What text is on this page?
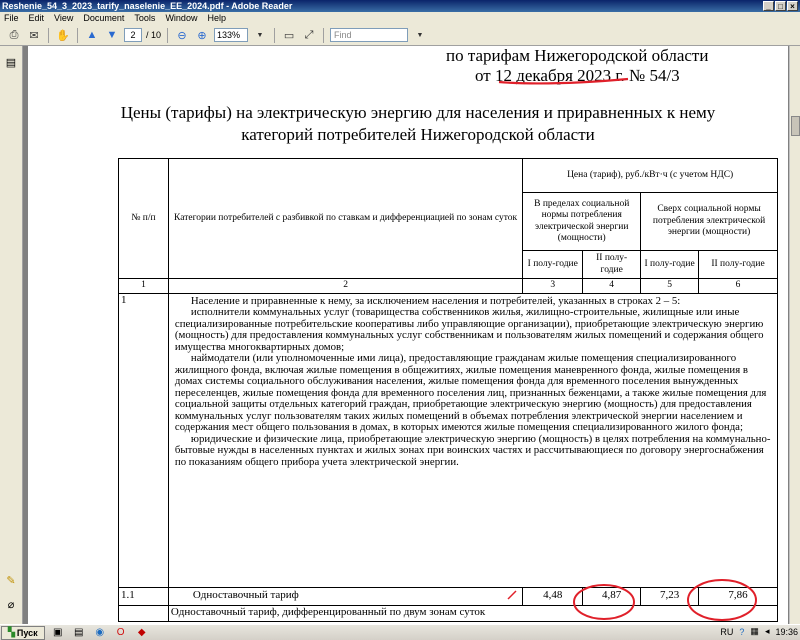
Reshenie_54_3_2023_tarify_naselenie_EE_2024.pdf - Adobe Reader	_ □ ×
File Edit View Document Tools Window Help
⎙ ✉	✋ ▲ ▼	2	/ 10	⊖ ⊕	133%	▼	▭ ⤢	Find	▼
▤
✎
⌀
по тарифам Нижегородской области
от 12 декабря 2023 г. № 54/3
Цены (тарифы) на электрическую энергию для населения и приравненных к нему категорий потребителей Нижегородской области
№ п/п	Категории потребителей с разбивкой по ставкам и дифференциацией по зонам суток	Цена (тариф), руб./кВт·ч (с учетом НДС)			
		В пределах социальной нормы потребления электрической энергии (мощности)		Сверх социальной нормы потребления электрической энергии (мощности)	
		I полу-годие	II полу-годие	I полу-годие	II полу-годие
1	2	3	4	5	6
1	Население и приравненные к нему, за исключением населения и потребителей, указанных в строках 2 – 5:

исполнители коммунальных услуг (товарищества собственников жилья, жилищно-строительные, жилищные или иные специализированные потребительские кооперативы либо управляющие организации), приобретающие электрическую энергию (мощность) для предоставления коммунальных услуг собственникам и пользователям жилых помещений и содержания общего имущества многоквартирных домов;

наймодатели (или уполномоченные ими лица), предоставляющие гражданам жилые помещения специализированного жилищного фонда, включая жилые помещения в общежитиях, жилые помещения маневренного фонда, жилые помещения в домах системы социального обслуживания населения, жилые помещения фонда для временного поселения вынужденных переселенцев, жилые помещения фонда для временного поселения лиц, признанных беженцами, а также жилые помещения для социальной защиты отдельных категорий граждан, приобретающие электрическую энергию (мощность) для предоставления коммунальных услуг пользователям таких жилых помещений в объемах потребления электрической энергии населением и содержания мест общего пользования в домах, в которых имеются жилые помещения специализированного жилого фонда;

юридические и физические лица, приобретающие электрическую энергию (мощность) в целях потребления на коммунально-бытовые нужды в населенных пунктах и жилых зонах при воинских частях и рассчитывающиеся по договору энергоснабжения по показаниям общего прибора учета электрической энергии.				

1.1	Одноставочный тариф	4,48	4,87	7,23	7,86
	Одноставочный тариф, дифференцированный по двум зонам суток				
▚ Пуск	▣	▤	◉	O	◆	RU ? ▦ ◂ 19:36
